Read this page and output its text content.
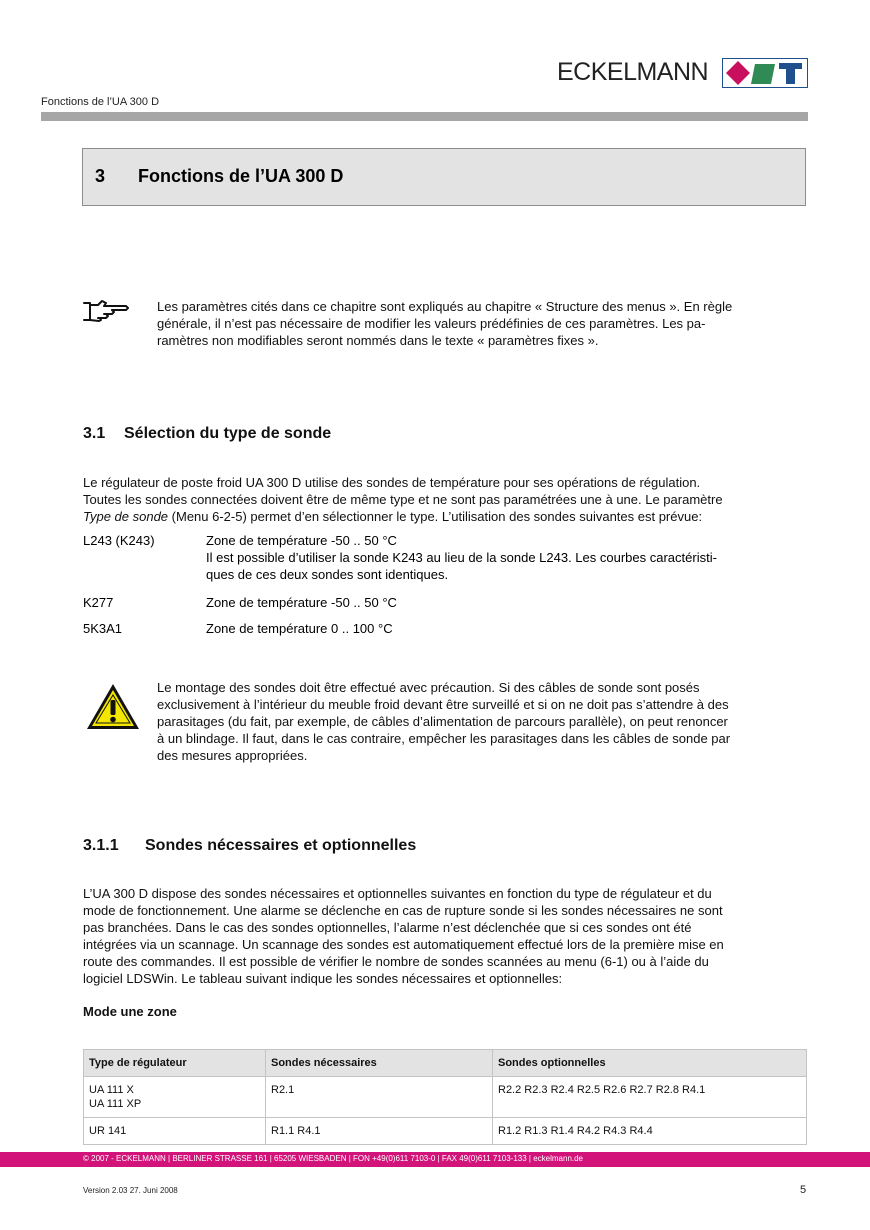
ECKELMANN
Fonctions de l’UA 300 D
3 Fonctions de l’UA 300 D
Les paramètres cités dans ce chapitre sont expliqués au chapitre « Structure des menus ». En règle
générale, il n’est pas nécessaire de modifier les valeurs prédéfinies de ces paramètres. Les pa-
ramètres non modifiables seront nommés dans le texte « paramètres fixes ».
3.1 Sélection du type de sonde
Le régulateur de poste froid UA 300 D utilise des sondes de température pour ses opérations de régulation.
Toutes les sondes connectées doivent être de même type et ne sont pas paramétrées une à une. Le paramètre
Type de sonde (Menu 6-2-5) permet d’en sélectionner le type. L’utilisation des sondes suivantes est prévue:
L243 (K243)	Zone de température -50 .. 50 °C
Il est possible d’utiliser la sonde K243 au lieu de la sonde L243. Les courbes caractéristi-
ques de ces deux sondes sont identiques.
K277	Zone de température -50 .. 50 °C
5K3A1	Zone de température 0 .. 100 °C
Le montage des sondes doit être effectué avec précaution. Si des câbles de sonde sont posés
exclusivement à l’intérieur du meuble froid devant être surveillé et si on ne doit pas s’attendre à des
parasitages (du fait, par exemple, de câbles d’alimentation de parcours parallèle), on peut renoncer
à un blindage. Il faut, dans le cas contraire, empêcher les parasitages dans les câbles de sonde par
des mesures appropriées.
3.1.1 Sondes nécessaires et optionnelles
L’UA 300 D dispose des sondes nécessaires et optionnelles suivantes en fonction du type de régulateur et du
mode de fonctionnement. Une alarme se déclenche en cas de rupture sonde si les sondes nécessaires ne sont
pas branchées. Dans le cas des sondes optionnelles, l’alarme n’est déclenchée que si ces sondes ont été
intégrées via un scannage. Un scannage des sondes est automatiquement effectué lors de la première mise en
route des commandes. Il est possible de vérifier le nombre de sondes scannées au menu (6-1) ou à l’aide du
logiciel LDSWin. Le tableau suivant indique les sondes nécessaires et optionnelles:
Mode une zone
Type de régulateur	Sondes nécessaires	Sondes optionnelles

UA 111 X
UA 111 XP	R2.1	R2.2 R2.3 R2.4 R2.5 R2.6 R2.7 R2.8 R4.1

UR 141	R1.1 R4.1	R1.2 R1.3 R1.4 R4.2 R4.3 R4.4
© 2007 - ECKELMANN | BERLINER STRASSE 161 | 65205 WIESBADEN | FON +49(0)611 7103-0 | FAX 49(0)611 7103-133 | eckelmann.de
Version 2.03 27. Juni 2008	5
